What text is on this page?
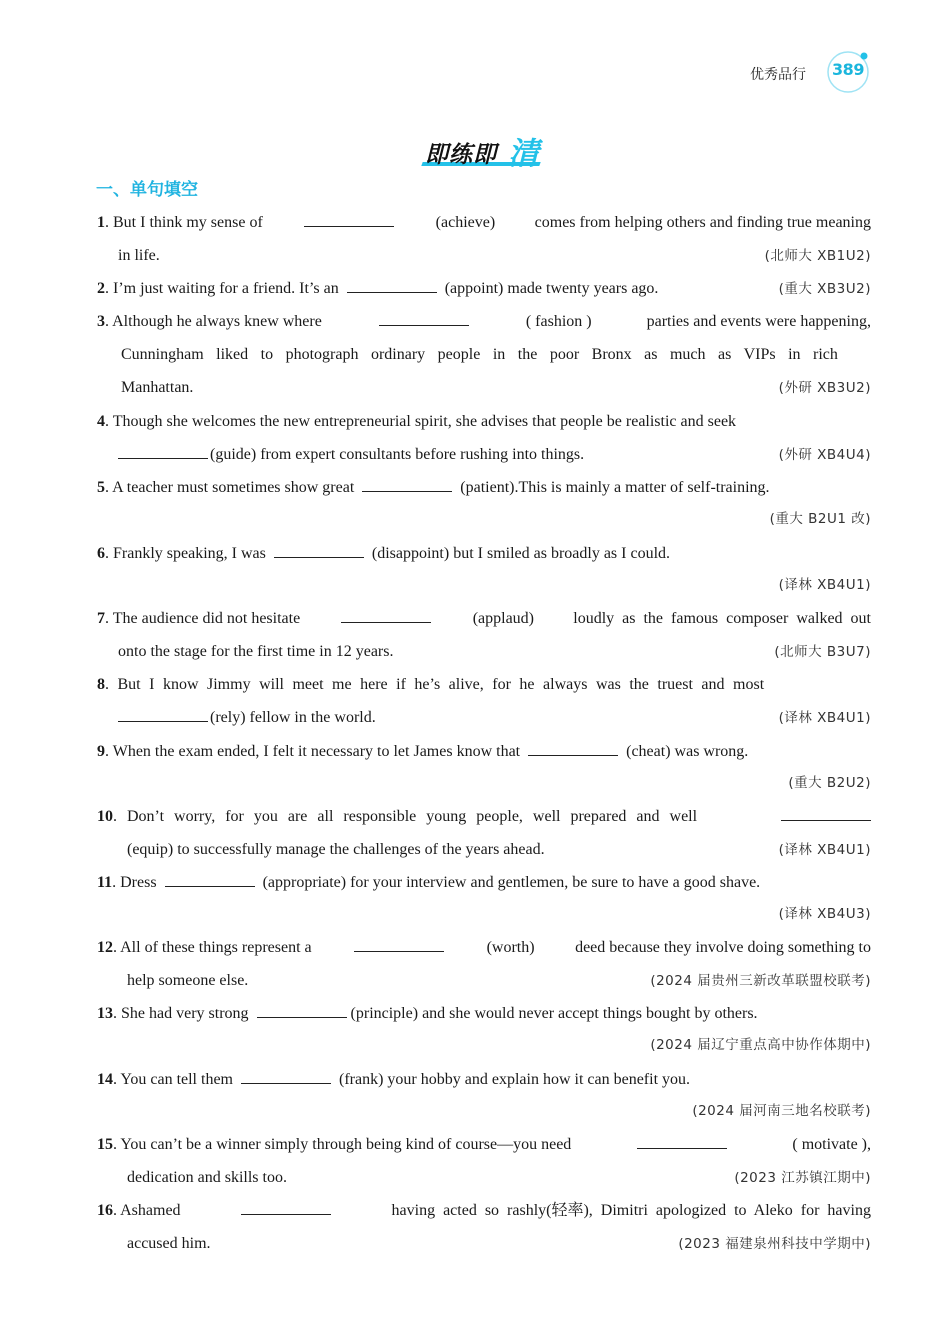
优秀品行	389
即练即 清
一、单句填空
1. But I think my sense of	(achieve) comes from helping others and finding true meaning
in life.	(北师大 XB1U2)
2 . I’m just waiting for a friend. It’s an	(appoint)
made twenty years ago.	(重大 XB3U2)
3. Although he always knew where	( fashion )	parties and events were happening,
Cunningham liked to photograph ordinary people in the poor Bronx as much as VIPs in rich
Manhattan.	(外研 XB3U2)
4 . Though she welcomes the new entrepreneurial spirit, she advises that people be realistic and seek
(guide)
from expert consultants before rushing into things.	(外研 XB4U4)
5 . A teacher must sometimes show great	(patient). This is mainly a matter of self-training.
(重大 B2U1 改)
6 . Frankly speaking, I was	(disappoint)
but I smiled as broadly as I could.
(译林 XB4U1)
7. The audience did not hesitate	(applaud) loudly as the famous composer walked out
onto the stage for the first time in 12 years.	(北师大 B3U7)
8 . But I know Jimmy will meet me here if he’s alive, for he always was the truest and most
(rely)
fellow in the world.	(译林 XB4U1)
9 . When the exam ended, I felt it necessary to let James know that	(cheat)
was wrong.
(重大 B2U2)
10. Don’t worry, for you are all responsible young people, well prepared and well
(equip)
to successfully manage the challenges of the years ahead.	(译林 XB4U1)
11 . Dress	(appropriate)
for your interview and gentlemen, be sure to have a good shave.
(译林 XB4U3)
12. All of these things represent a	(worth)	deed because they involve doing something to
help someone else.	(2024 届贵州三新改革联盟校联考)
13 . She had very strong	(principle)
and she would never accept things bought by others.
(2024 届辽宁重点高中协作体期中)
14 . You can tell them	(frank)
your hobby and explain how it can benefit you.
(2024 届河南三地名校联考)
15. You can’t be a winner simply through being kind of course—you need	( motivate ),
dedication and skills too.	(2023 江苏镇江期中)
16. Ashamed	having acted so rashly(轻率), Dimitri apologized to Aleko for having
accused him.	(2023 福建泉州科技中学期中)
